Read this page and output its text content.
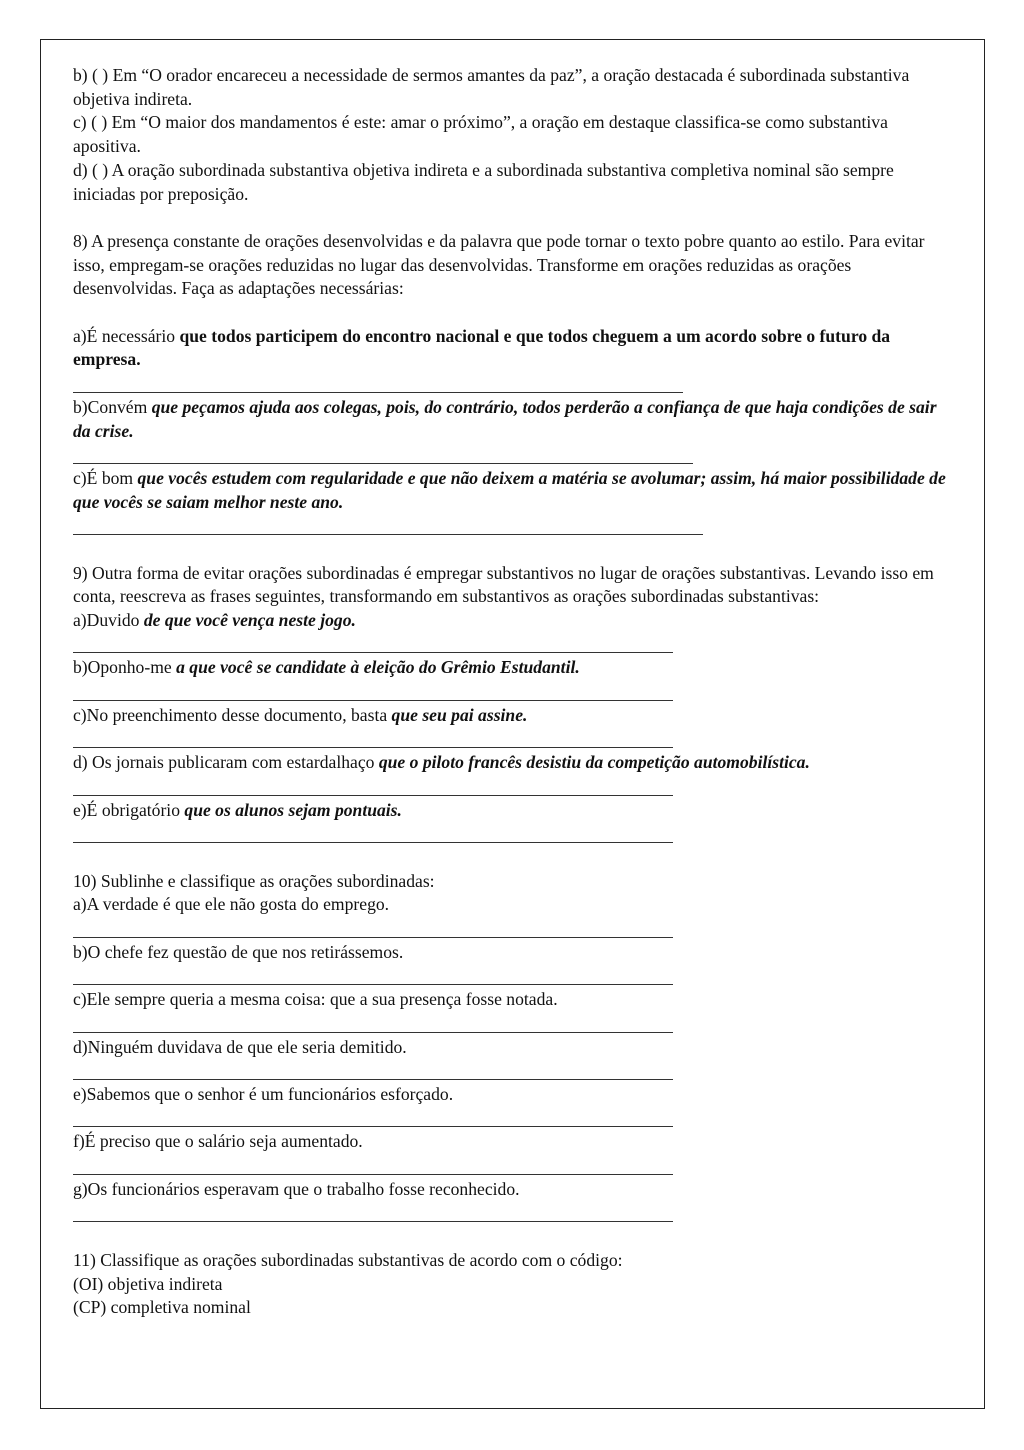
b) ( ) Em “O orador encareceu a necessidade de sermos amantes da paz”, a oração destacada é subordinada substantiva objetiva indireta.

c) ( ) Em “O maior dos mandamentos é este: amar o próximo”, a oração em destaque classifica-se como substantiva apositiva.

d) ( ) A oração subordinada substantiva objetiva indireta e a subordinada substantiva completiva nominal são sempre iniciadas por preposição.

8) A presença constante de orações desenvolvidas e da palavra que pode tornar o texto pobre quanto ao estilo. Para evitar isso, empregam-se orações reduzidas no lugar das desenvolvidas. Transforme em orações reduzidas as orações desenvolvidas. Faça as adaptações necessárias:

a)É necessário que todos participem do encontro nacional e que todos cheguem a um acordo sobre o futuro da empresa.

b)Convém que peçamos ajuda aos colegas, pois, do contrário, todos perderão a confiança de que haja condições de sair da crise.

c)É bom que vocês estudem com regularidade e que não deixem a matéria se avolumar; assim, há maior possibilidade de que vocês se saiam melhor neste ano.

9) Outra forma de evitar orações subordinadas é empregar substantivos no lugar de orações substantivas. Levando isso em conta, reescreva as frases seguintes, transformando em substantivos as orações subordinadas substantivas:

a)Duvido de que você vença neste jogo.

b)Oponho-me a que você se candidate à eleição do Grêmio Estudantil.

c)No preenchimento desse documento, basta que seu pai assine.

d) Os jornais publicaram com estardalhaço que o piloto francês desistiu da competição automobilística.

e)É obrigatório que os alunos sejam pontuais.

10) Sublinhe e classifique as orações subordinadas:

a)A verdade é que ele não gosta do emprego.

b)O chefe fez questão de que nos retirássemos.

c)Ele sempre queria a mesma coisa: que a sua presença fosse notada.

d)Ninguém duvidava de que ele seria demitido.

e)Sabemos que o senhor é um funcionários esforçado.

f)É preciso que o salário seja aumentado.

g)Os funcionários esperavam que o trabalho fosse reconhecido.

11) Classifique as orações subordinadas substantivas de acordo com o código:

(OI) objetiva indireta

(CP) completiva nominal
